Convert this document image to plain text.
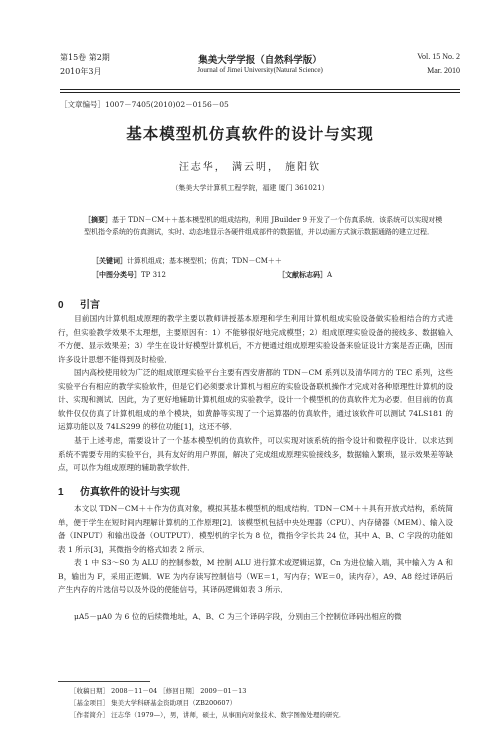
第15卷 第2期
2010年3月
集美大学学报（自然科学版）
Journal of Jimei University(Natural Science)
Vol. 15 No. 2
Mar. 2010
［文章编号］1007－7405(2010)02－0156－05
基本模型机仿真软件的设计与实现
汪志华， 满云明， 施阳钦
（集美大学计算机工程学院，福建 厦门 361021）
［摘要］基于 TDN－CM＋＋基本模型机的组成结构，利用 JBuilder 9 开发了一个仿真系统．该系统可以实现对模型机指令系统的仿真测试，实时、动态地显示各硬件组成部件的数据值，并以动画方式演示数据通路的建立过程．
［关键词］计算机组成；基本模型机；仿真；TDN－CM＋＋
［中图分类号］TP 312	［文献标志码］A
0 引言
目前国内计算机组成原理的教学主要以教师讲授基本原理和学生利用计算机组成实验设备做实验相结合的方式进行，但实验教学效果不太理想，主要原因有：1）不能够很好地完成模型；2）组成原理实验设备的接线多、数据输入不方便、显示效果差；3）学生在设计好模型计算机后，不方便通过组成原理实验设备来验证设计方案是否正确，因而许多设计思想不能得到及时检验．
国内高校使用较为广泛的组成原理实验平台主要有西安唐都的 TDN－CM 系列以及清华同方的 TEC 系列，这些实验平台有相应的教学实验软件，但是它们必须要求计算机与相应的实验设备联机操作才完成对各种原理性计算机的设计、实现和测试．因此，为了更好地辅助计算机组成的实验教学，设计一个模型机的仿真软件尤为必要．但目前的仿真软件仅仅仿真了计算机组成的单个模块，如黄静等实现了一个运算器的仿真软件，通过该软件可以测试 74LS181 的运算功能以及 74LS299 的移位功能[1]，这还不够．
基于上述考虑，需要设计了一个基本模型机的仿真软件，可以实现对该系统的指令设计和微程序设计．以求达到系统不需要专用的实验平台，具有友好的用户界面，解决了完成组成原理实验接线多，数据输入繁琐，显示效果差等缺点，可以作为组成原理的辅助教学软件．
1 仿真软件的设计与实现
本文以 TDN－CM＋＋作为仿真对象，模拟其基本模型机的组成结构．TDN－CM＋＋具有开放式结构，系统简单，便于学生在短时间内理解计算机的工作原理[2]．该模型机包括中央处理器（CPU）、内存储器（MEM）、输入设备（INPUT）和输出设备（OUTPUT）．模型机的字长为 8 位，微指令字长共 24 位，其中 A、B、C 字段的功能如表 1 所示[3]，其微指令的格式如表 2 所示．
表 1 中 S3～S0 为 ALU 的控制参数，M 控制 ALU 进行算术或逻辑运算，Cn 为进位输入端，其中输入为 A 和 B，输出为 F，采用正逻辑．WE 为内存读写控制信号（WE＝1，写内存；WE＝0，读内存），A9、A8 经过译码后产生内存的片选信号以及外设的使能信号，其译码逻辑如表 3 所示．
μA5－μA0 为 6 位的后续微地址，A、B、C 为三个译码字段，分别由三个控制位译码出相应的微
［收稿日期］ 2008－11－04 ［修回日期］ 2009－01－13
［基金项目］ 集美大学科研基金资助项目（ZB200607）
［作者简介］ 汪志华（1979—），男，讲师，硕士，从事面向对象技术、数字图像处理的研究．
